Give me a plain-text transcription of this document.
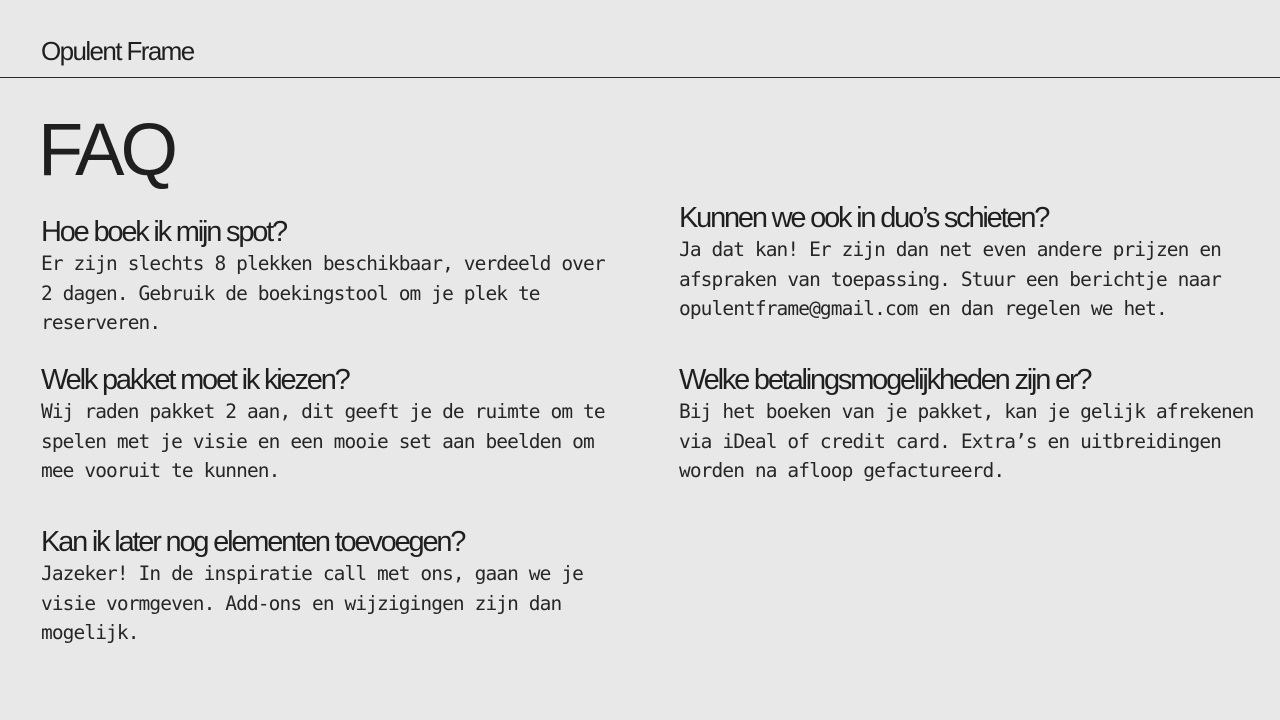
Opulent Frame
FAQ
Hoe boek ik mijn spot?

Er zijn slechts 8 plekken beschikbaar, verdeeld over 2 dagen. Gebruik de boekingstool om je plek te reserveren.

Welk pakket moet ik kiezen?

Wij raden pakket 2 aan, dit geeft je de ruimte om te spelen met je visie en een mooie set aan beelden om mee vooruit te kunnen.

Kan ik later nog elementen toevoegen?

Jazeker! In de inspiratie call met ons, gaan we je visie vormgeven. Add-ons en wijzigingen zijn dan mogelijk.

Kunnen we ook in duo’s schieten?

Ja dat kan! Er zijn dan net even andere prijzen en afspraken van toepassing. Stuur een berichtje naar opulentframe@gmail.com en dan regelen we het.

Welke betalingsmogelijkheden zijn er?

Bij het boeken van je pakket, kan je gelijk afrekenen via iDeal of credit card. Extra’s en uitbreidingen worden na afloop gefactureerd.
